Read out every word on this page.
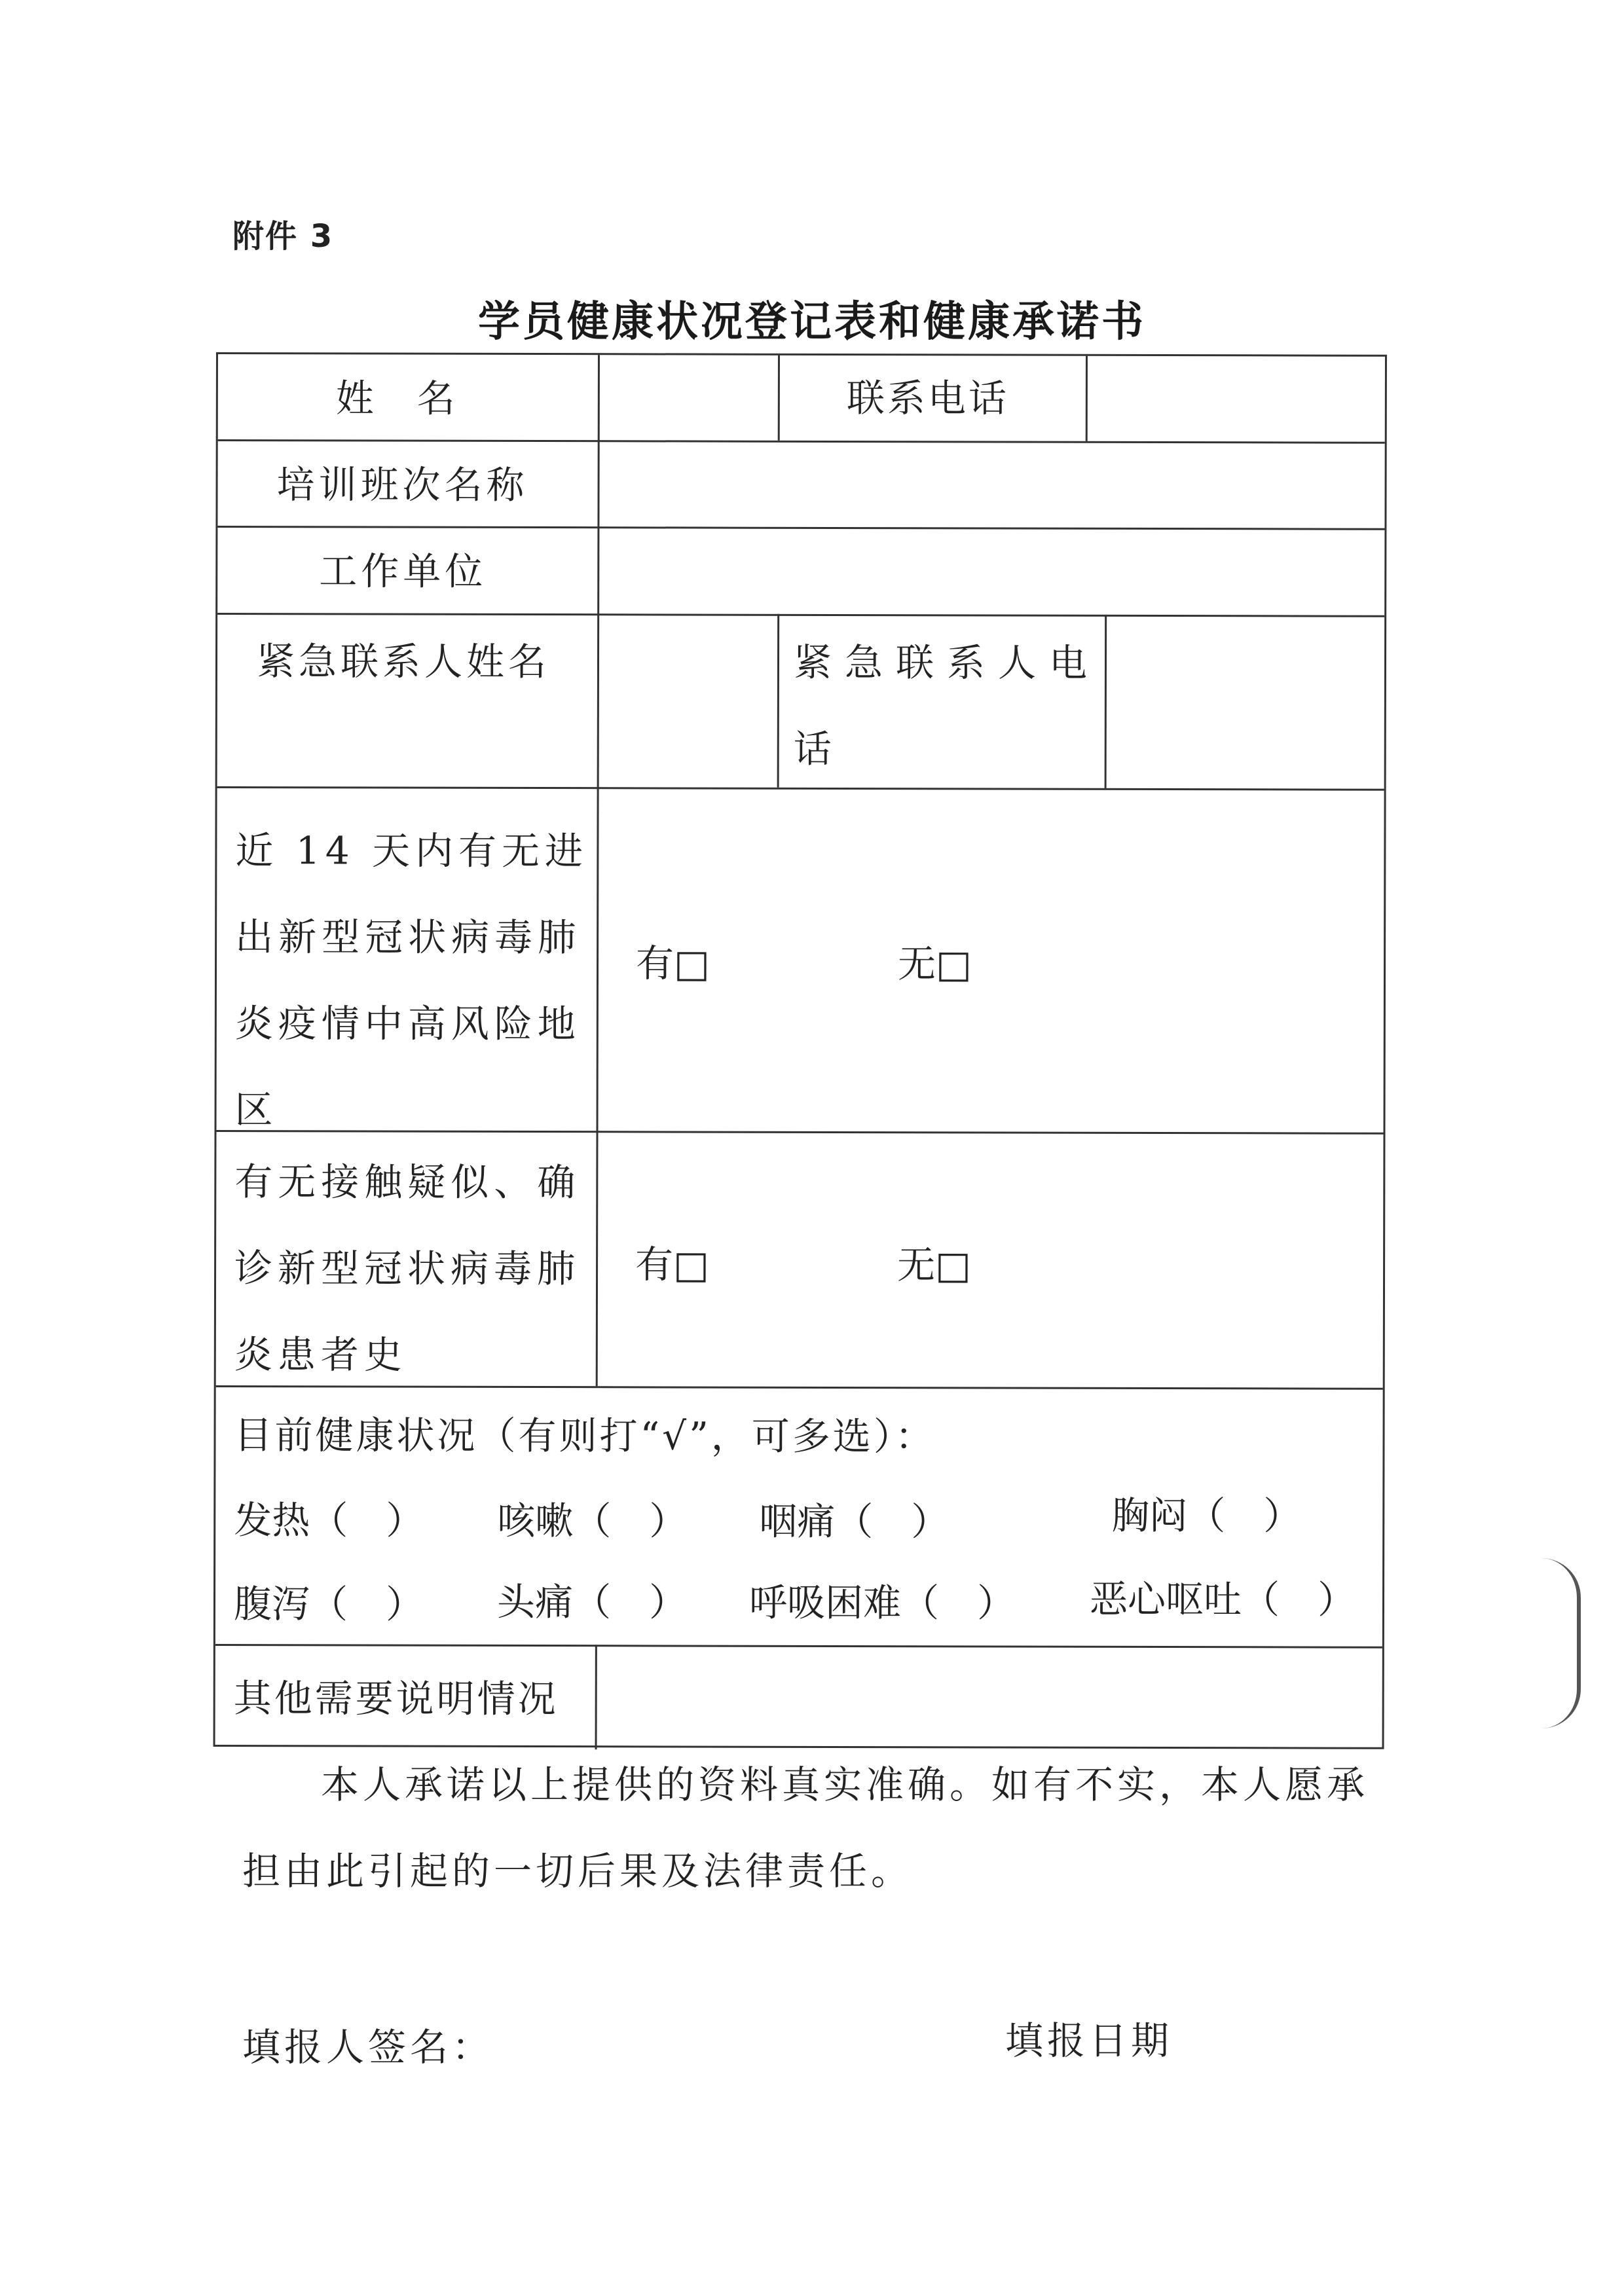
附件 3
学员健康状况登记表和健康承诺书
姓　名	联系电话
培训班次名称
工作单位
紧急联系人姓名	紧急联系人电
话
近 14 天内有无进
出新型冠状病毒肺
炎疫情中高风险地
区
有□	无□
有无接触疑似、确
诊新型冠状病毒肺
炎患者史
有□	无□
目前健康状况（有则打“√”，可多选）：
发热（　） 咳嗽（　） 咽痛（　）	胸闷（　）
腹泻（　） 头痛（　） 呼吸困难（　） 恶心呕吐（　）
其他需要说明情况
本人承诺以上提供的资料真实准确。如有不实，本人愿承担由此引起的一切后果及法律责任。
填报人签名：	填报日期
